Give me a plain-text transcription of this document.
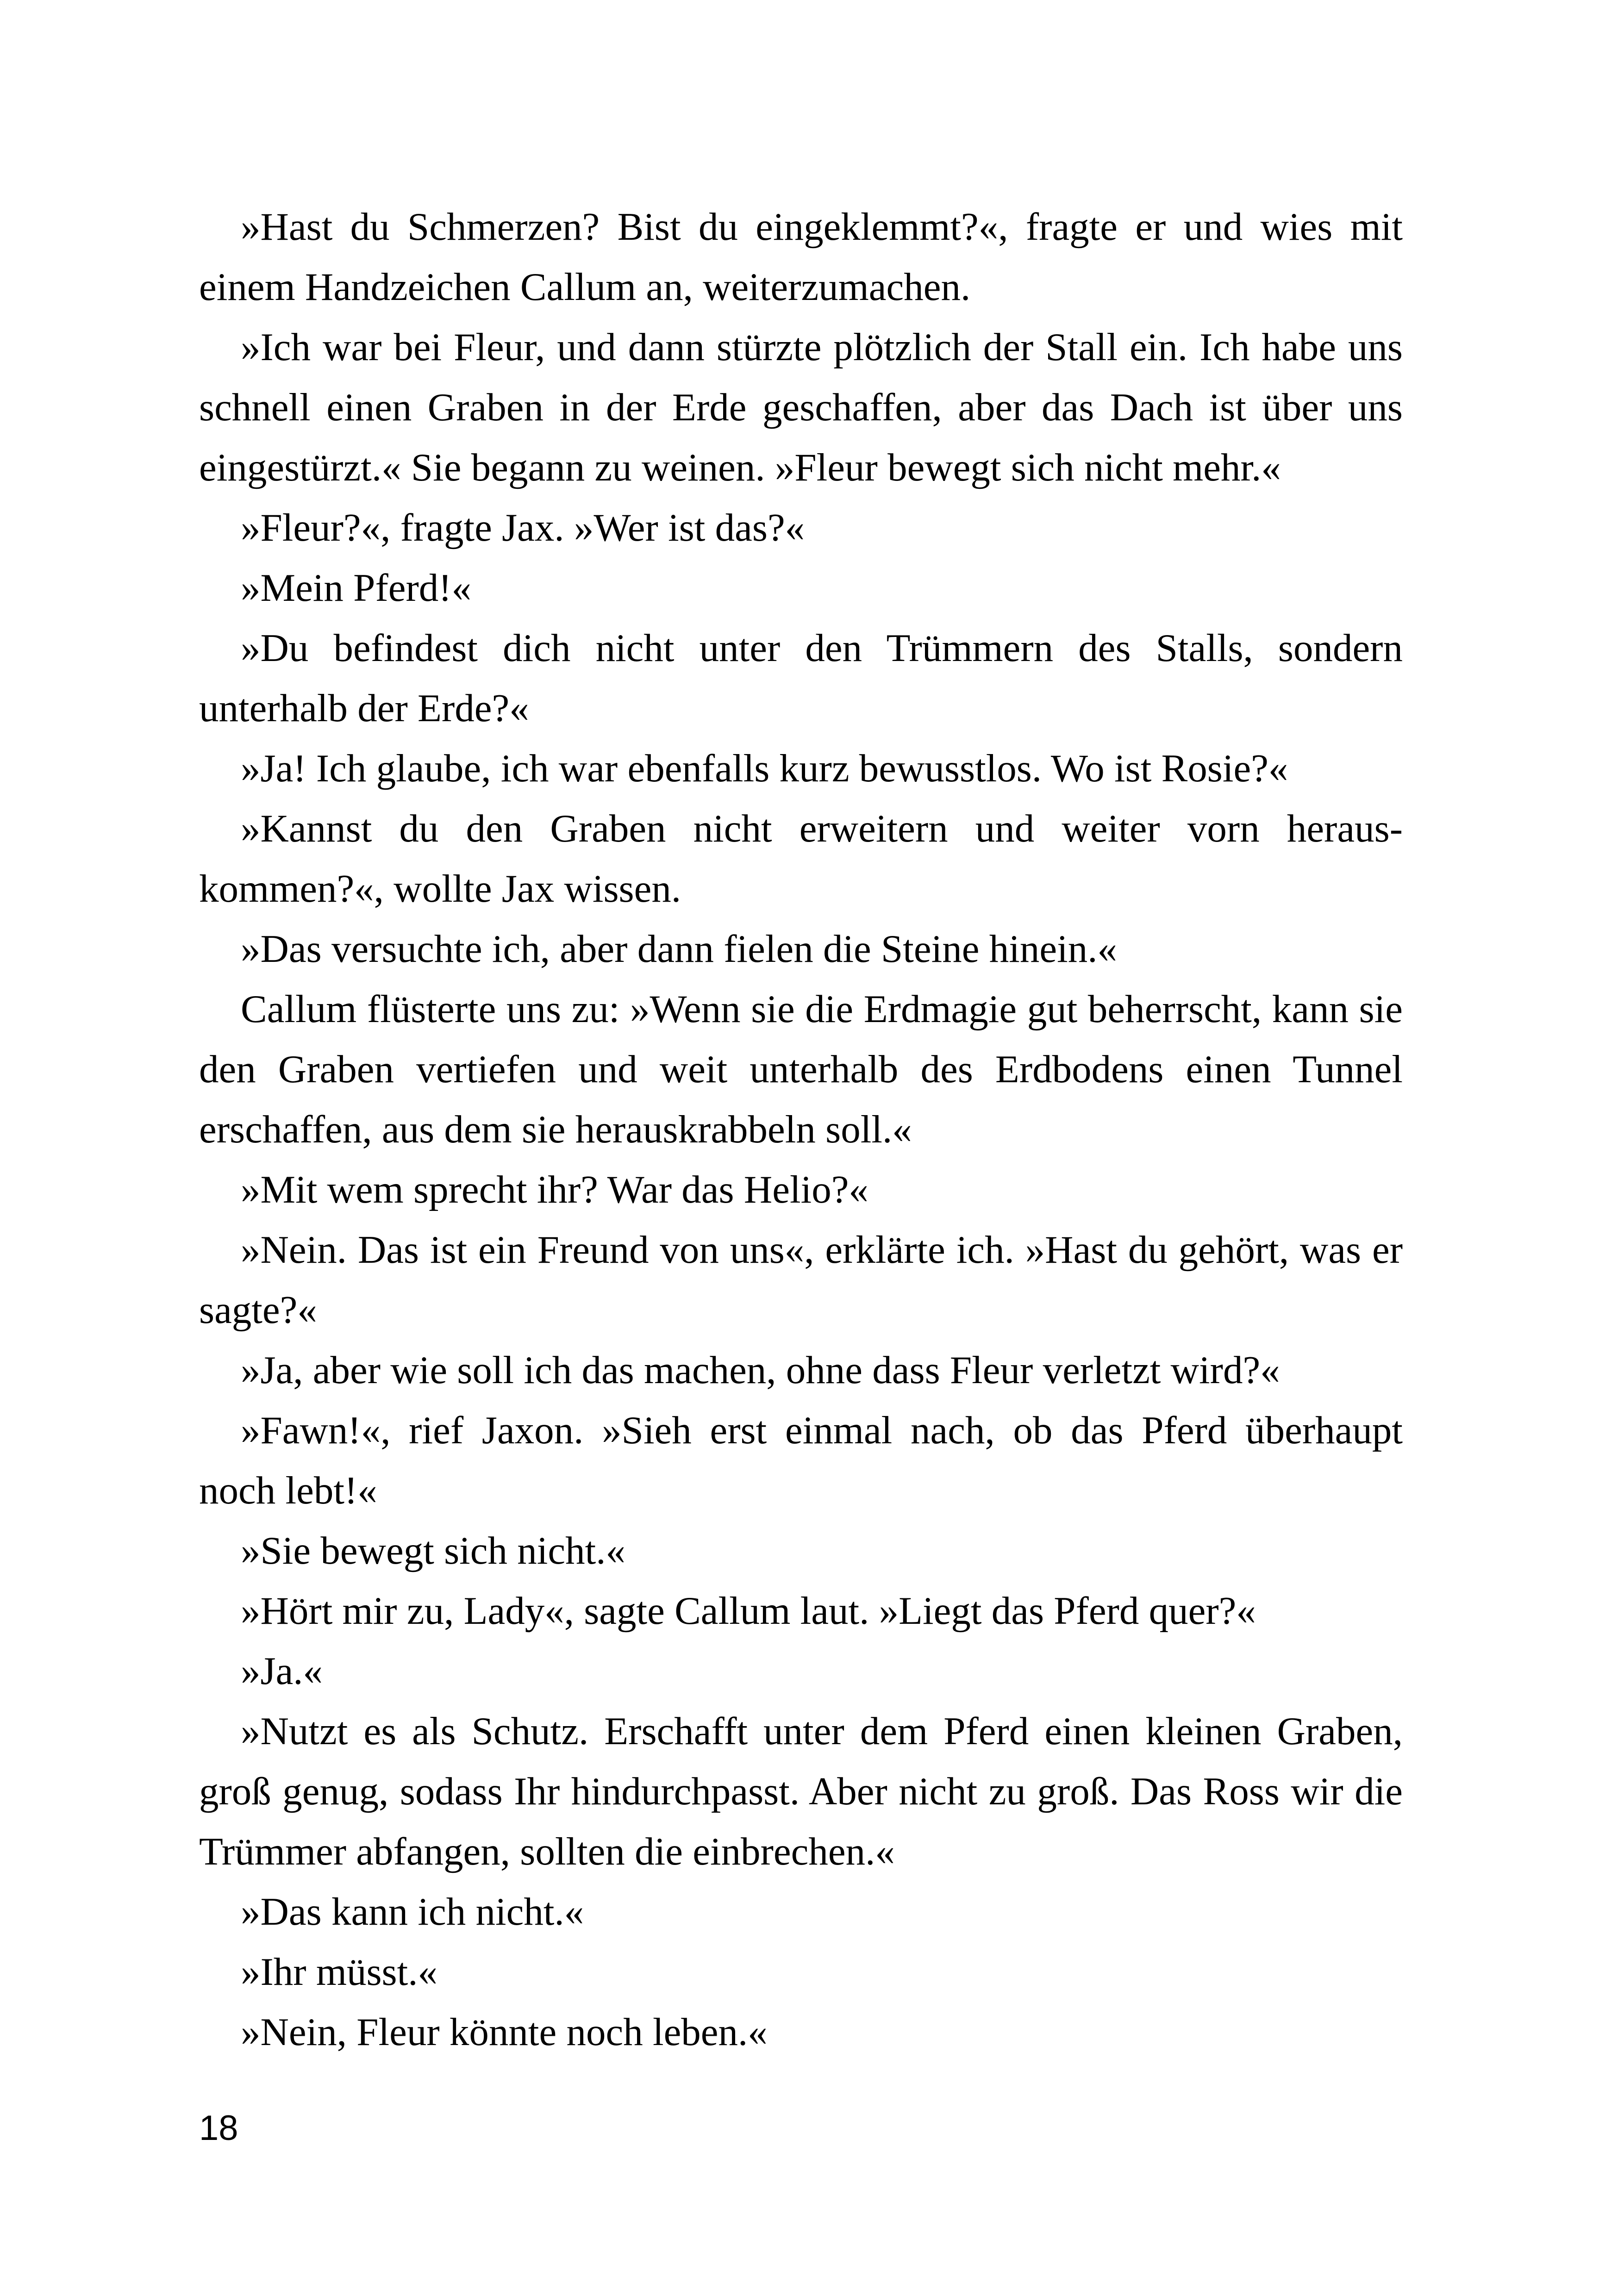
»Hast du Schmerzen? Bist du eingeklemmt?«, fragte er und wies mit einem Handzeichen Callum an, weiterzumachen.

»Ich war bei Fleur, und dann stürzte plötzlich der Stall ein. Ich habe uns schnell einen Graben in der Erde geschaffen, aber das Dach ist über uns eingestürzt.« Sie begann zu weinen. »Fleur bewegt sich nicht mehr.«

»Fleur?«, fragte Jax. »Wer ist das?«

»Mein Pferd!«

»Du befindest dich nicht unter den Trümmern des Stalls, sondern unterhalb der Erde?«

»Ja! Ich glaube, ich war ebenfalls kurz bewusstlos. Wo ist Rosie?«

»Kannst du den Graben nicht erweitern und weiter vorn herauskommen?«, wollte Jax wissen.

»Das versuchte ich, aber dann fielen die Steine hinein.«

Callum flüsterte uns zu: »Wenn sie die Erdmagie gut beherrscht, kann sie den Graben vertiefen und weit unterhalb des Erdbodens einen Tunnel erschaffen, aus dem sie herauskrabbeln soll.«

»Mit wem sprecht ihr? War das Helio?«

»Nein. Das ist ein Freund von uns«, erklärte ich. »Hast du gehört, was er sagte?«

»Ja, aber wie soll ich das machen, ohne dass Fleur verletzt wird?«

»Fawn!«, rief Jaxon. »Sieh erst einmal nach, ob das Pferd überhaupt noch lebt!«

»Sie bewegt sich nicht.«

»Hört mir zu, Lady«, sagte Callum laut. »Liegt das Pferd quer?«

»Ja.«

»Nutzt es als Schutz. Erschafft unter dem Pferd einen kleinen Graben, groß genug, sodass Ihr hindurchpasst. Aber nicht zu groß. Das Ross wir die Trümmer abfangen, sollten die einbrechen.«

»Das kann ich nicht.«

»Ihr müsst.«

»Nein, Fleur könnte noch leben.«

18
